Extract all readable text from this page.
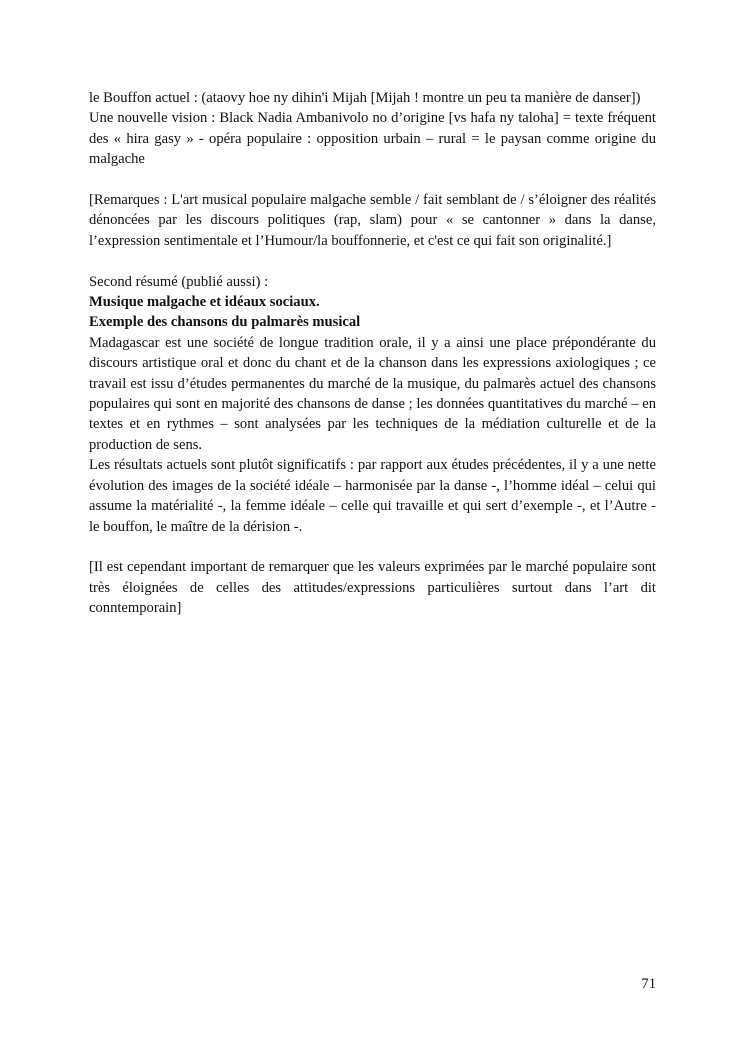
le Bouffon actuel : (ataovy hoe ny dihin'i Mijah [Mijah ! montre un peu ta manière de danser])

Une nouvelle vision : Black Nadia Ambanivolo no d’origine [vs hafa ny taloha] = texte fréquent des « hira gasy » - opéra populaire : opposition urbain – rural = le paysan comme origine du malgache

[Remarques : L'art musical populaire malgache semble / fait semblant de / s’éloigner des réalités dénoncées par les discours politiques (rap, slam) pour « se cantonner » dans la danse, l’expression sentimentale et l’Humour/la bouffonnerie, et c'est ce qui fait son originalité.]

Second résumé (publié aussi) :

Musique malgache et idéaux sociaux.

Exemple des chansons du palmarès musical

Madagascar est une société de longue tradition orale, il y a ainsi une place prépondérante du discours artistique oral et donc du chant et de la chanson dans les expressions axiologiques ; ce travail est issu d’études permanentes du marché de la musique, du palmarès actuel des chansons populaires qui sont en majorité des chansons de danse ; les données quantitatives du marché – en textes et en rythmes – sont analysées par les techniques de la médiation culturelle et de la production de sens.

Les résultats actuels sont plutôt significatifs : par rapport aux études précédentes, il y a une nette évolution des images de la société idéale – harmonisée par la danse -, l’homme idéal – celui qui assume la matérialité -, la femme idéale – celle qui travaille et qui sert d’exemple -, et l’Autre - le bouffon, le maître de la dérision -.

[Il est cependant important de remarquer que les valeurs exprimées par le marché populaire sont très éloignées de celles des attitudes/expressions particulières surtout dans l’art dit conntemporain]

71
